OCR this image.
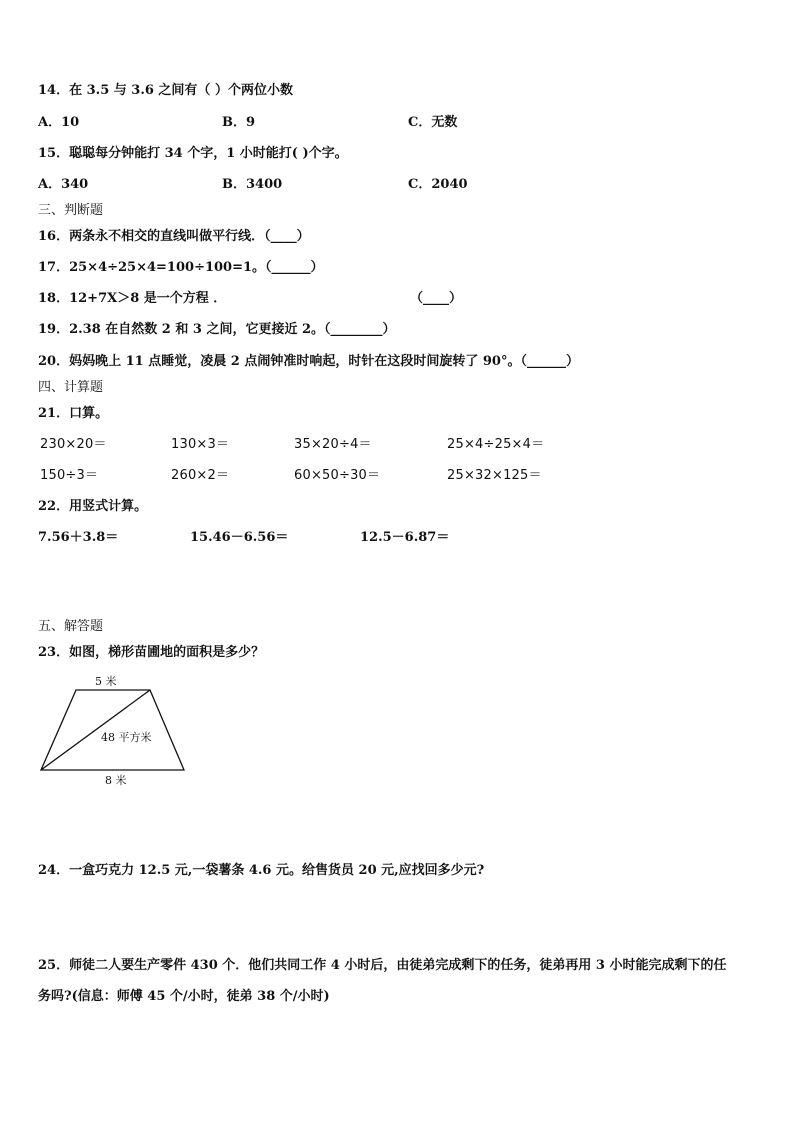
14．在 3.5 与 3.6 之间有（ ）个两位小数
A．10	B．9	C．无数
15．聪聪每分钟能打 34 个字，1 小时能打( )个字。
A．340	B．3400	C．2040
三、判断题
16．两条永不相交的直线叫做平行线．（____）
17．25×4÷25×4=100÷100=1。（______）
18．12+7X＞8 是一个方程 ．	（____）
19．2.38 在自然数 2 和 3 之间，它更接近 2。（________）
20．妈妈晚上 11 点睡觉，凌晨 2 点闹钟准时响起，时针在这段时间旋转了 90°。（______）
四、计算题
21．口算。
230×20＝	130×3＝	35×20÷4＝	25×4÷25×4＝
150÷3＝	260×2＝	60×50÷30＝	25×32×125＝
22．用竖式计算。
7.56＋3.8＝	15.46－6.56＝	12.5－6.87＝
五、解答题
23．如图，梯形苗圃地的面积是多少？
5 米
48 平方米
8 米
24．一盒巧克力 12.5 元,一袋薯条 4.6 元。给售货员 20 元,应找回多少元?
25．师徒二人要生产零件 430 个．他们共同工作 4 小时后，由徒弟完成剩下的任务，徒弟再用 3 小时能完成剩下的任
务吗?(信息：师傅 45 个/小时，徒弟 38 个/小时)
